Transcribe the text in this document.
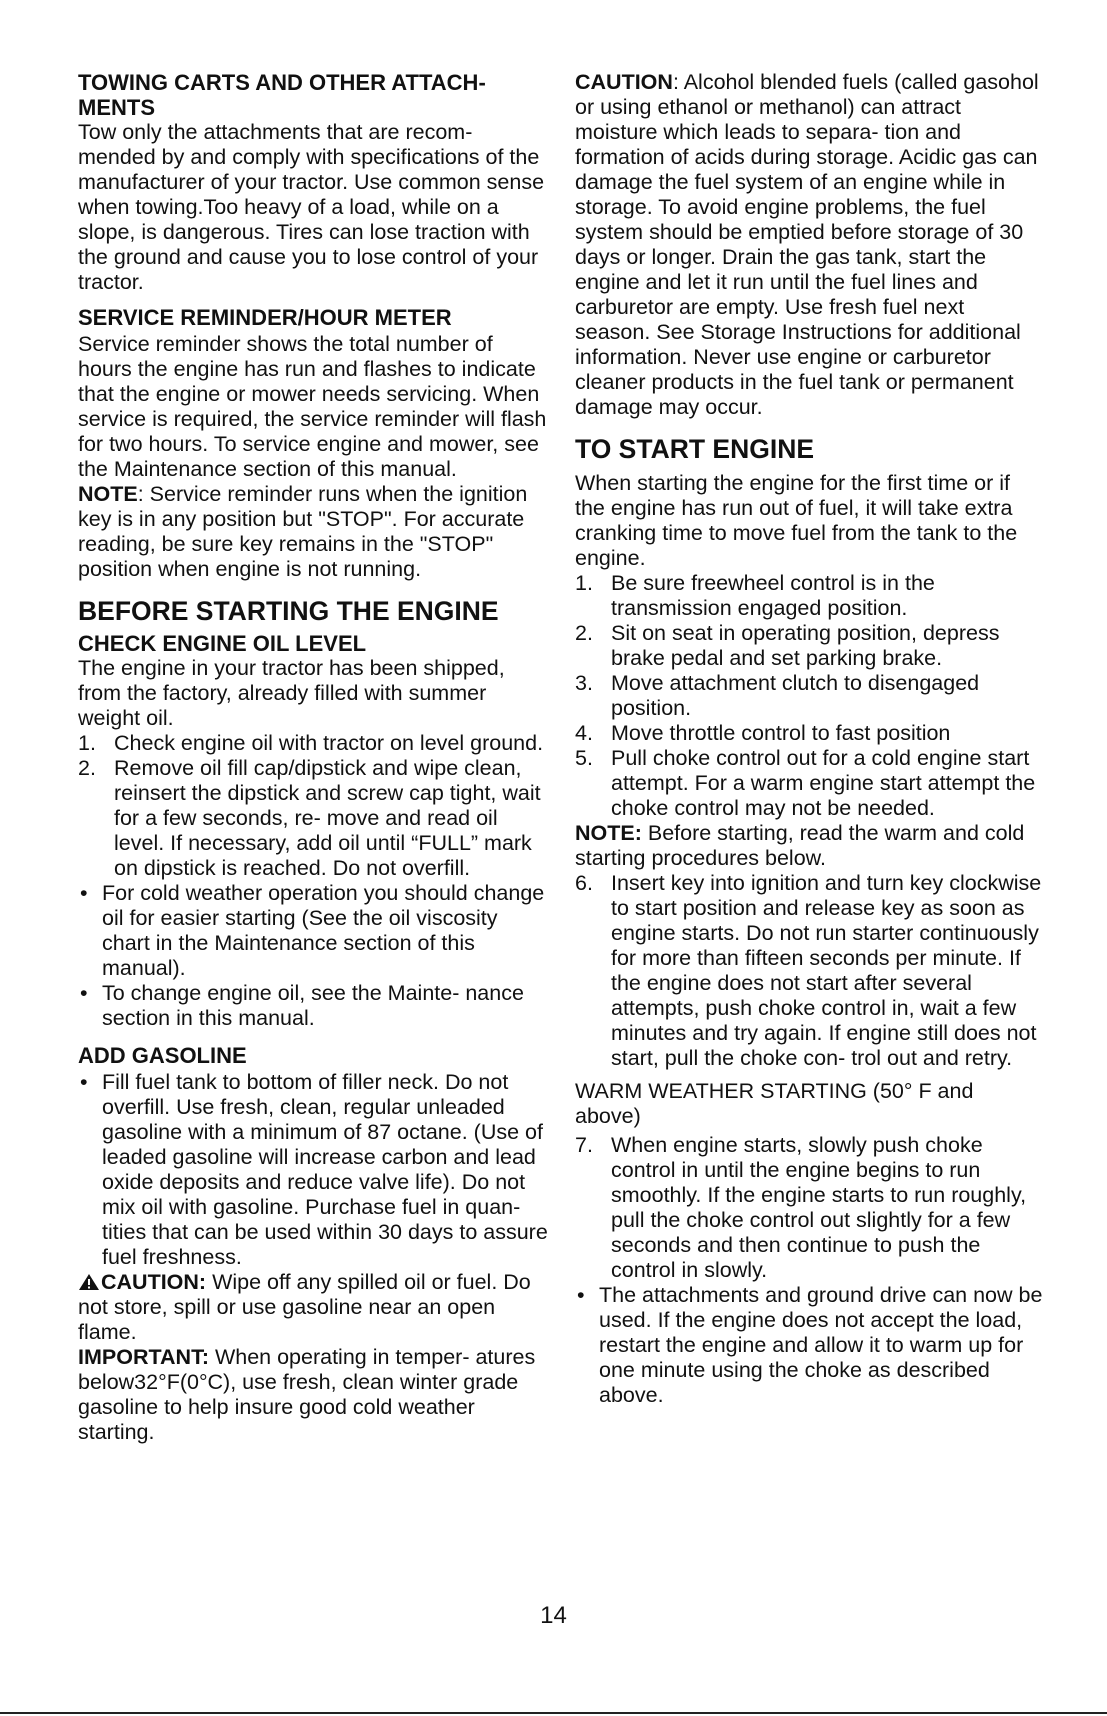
TOWING CARTS AND OTHER ATTACH- MENTS

Tow only the attachments that are recom- mended by and comply with specifications of the manufacturer of your tractor. Use common sense when towing.Too heavy of a load, while on a slope, is dangerous. Tires can lose traction with the ground and cause you to lose control of your tractor.

SERVICE REMINDER/HOUR METER

Service reminder shows the total number of hours the engine has run and flashes to indicate that the engine or mower needs servicing. When service is required, the service reminder will flash for two hours. To service engine and mower, see the Maintenance section of this manual.

NOTE: Service reminder runs when the ignition key is in any position but "STOP". For accurate reading, be sure key remains in the "STOP" position when engine is not running.

BEFORE STARTING THE ENGINE
CHECK ENGINE OIL LEVEL

The engine in your tractor has been shipped, from the factory, already filled with summer weight oil.

1. Check engine oil with tractor on level ground.
2. Remove oil fill cap/dipstick and wipe clean, reinsert the dipstick and screw cap tight, wait for a few seconds, re- move and read oil level. If necessary, add oil until “FULL” mark on dipstick is reached. Do not overfill.
• For cold weather operation you should change oil for easier starting (See the oil viscosity chart in the Maintenance section of this manual).
• To change engine oil, see the Mainte- nance section in this manual.
ADD GASOLINE
• Fill fuel tank to bottom of filler neck. Do not overfill. Use fresh, clean, regular unleaded gasoline with a minimum of 87 octane. (Use of leaded gasoline will increase carbon and lead oxide deposits and reduce valve life). Do not mix oil with gasoline. Purchase fuel in quan- tities that can be used within 30 days to assure fuel freshness.

CAUTION: Wipe off any spilled oil or fuel. Do not store, spill or use gasoline near an open flame.

IMPORTANT: When operating in temper- atures below32°F(0°C), use fresh, clean winter grade gasoline to help insure good cold weather starting.

CAUTION: Alcohol blended fuels (called gasohol or using ethanol or methanol) can attract moisture which leads to separa- tion and formation of acids during storage. Acidic gas can damage the fuel system of an engine while in storage. To avoid engine problems, the fuel system should be emptied before storage of 30 days or longer. Drain the gas tank, start the engine and let it run until the fuel lines and carburetor are empty. Use fresh fuel next season. See Storage Instructions for additional information. Never use engine or carburetor cleaner products in the fuel tank or permanent damage may occur.

TO START ENGINE

When starting the engine for the first time or if the engine has run out of fuel, it will take extra cranking time to move fuel from the tank to the engine.

1. Be sure freewheel control is in the transmission engaged position.
2. Sit on seat in operating position, depress brake pedal and set parking brake.
3. Move attachment clutch to disengaged position.
4. Move throttle control to fast position
5. Pull choke control out for a cold engine start attempt. For a warm engine start attempt the choke control may not be needed.

NOTE: Before starting, read the warm and cold starting procedures below.

6. Insert key into ignition and turn key clockwise to start position and release key as soon as engine starts. Do not run starter continuously for more than fifteen seconds per minute. If the engine does not start after several attempts, push choke control in, wait a few minutes and try again. If engine still does not start, pull the choke con- trol out and retry.

WARM WEATHER STARTING (50° F and above)

7. When engine starts, slowly push choke control in until the engine begins to run smoothly. If the engine starts to run roughly, pull the choke control out slightly for a few seconds and then continue to push the control in slowly.
• The attachments and ground drive can now be used. If the engine does not accept the load, restart the engine and allow it to warm up for one minute using the choke as described above.
14
